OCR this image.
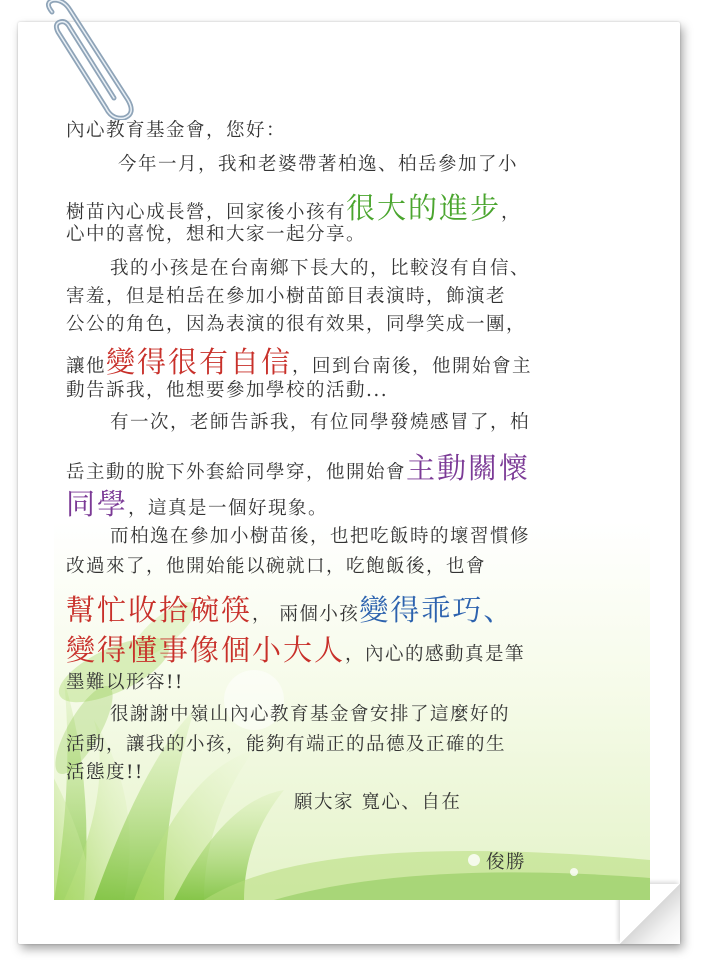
內心教育基金會，您好：
今年一月，我和老婆帶著柏逸、柏岳參加了小
樹苗內心成長營，回家後小孩有很大的進步，
心中的喜悅，想和大家一起分享。
我的小孩是在台南鄉下長大的，比較沒有自信、
害羞，但是柏岳在參加小樹苗節目表演時，飾演老
公公的角色，因為表演的很有效果，同學笑成一團，
讓他變得很有自信，回到台南後，他開始會主
動告訴我，他想要參加學校的活動...
有一次，老師告訴我，有位同學發燒感冒了，柏
岳主動的脫下外套給同學穿，他開始會主動關懷
同學，這真是一個好現象。
而柏逸在參加小樹苗後，也把吃飯時的壞習慣修
改過來了，他開始能以碗就口，吃飽飯後，也會
幫忙收拾碗筷， 兩個小孩變得乖巧、
變得懂事像個小大人，內心的感動真是筆
墨難以形容!!
很謝謝中嶺山內心教育基金會安排了這麼好的
活動，讓我的小孩，能夠有端正的品德及正確的生
活態度!!
願大家 寬心、自在
俊勝
